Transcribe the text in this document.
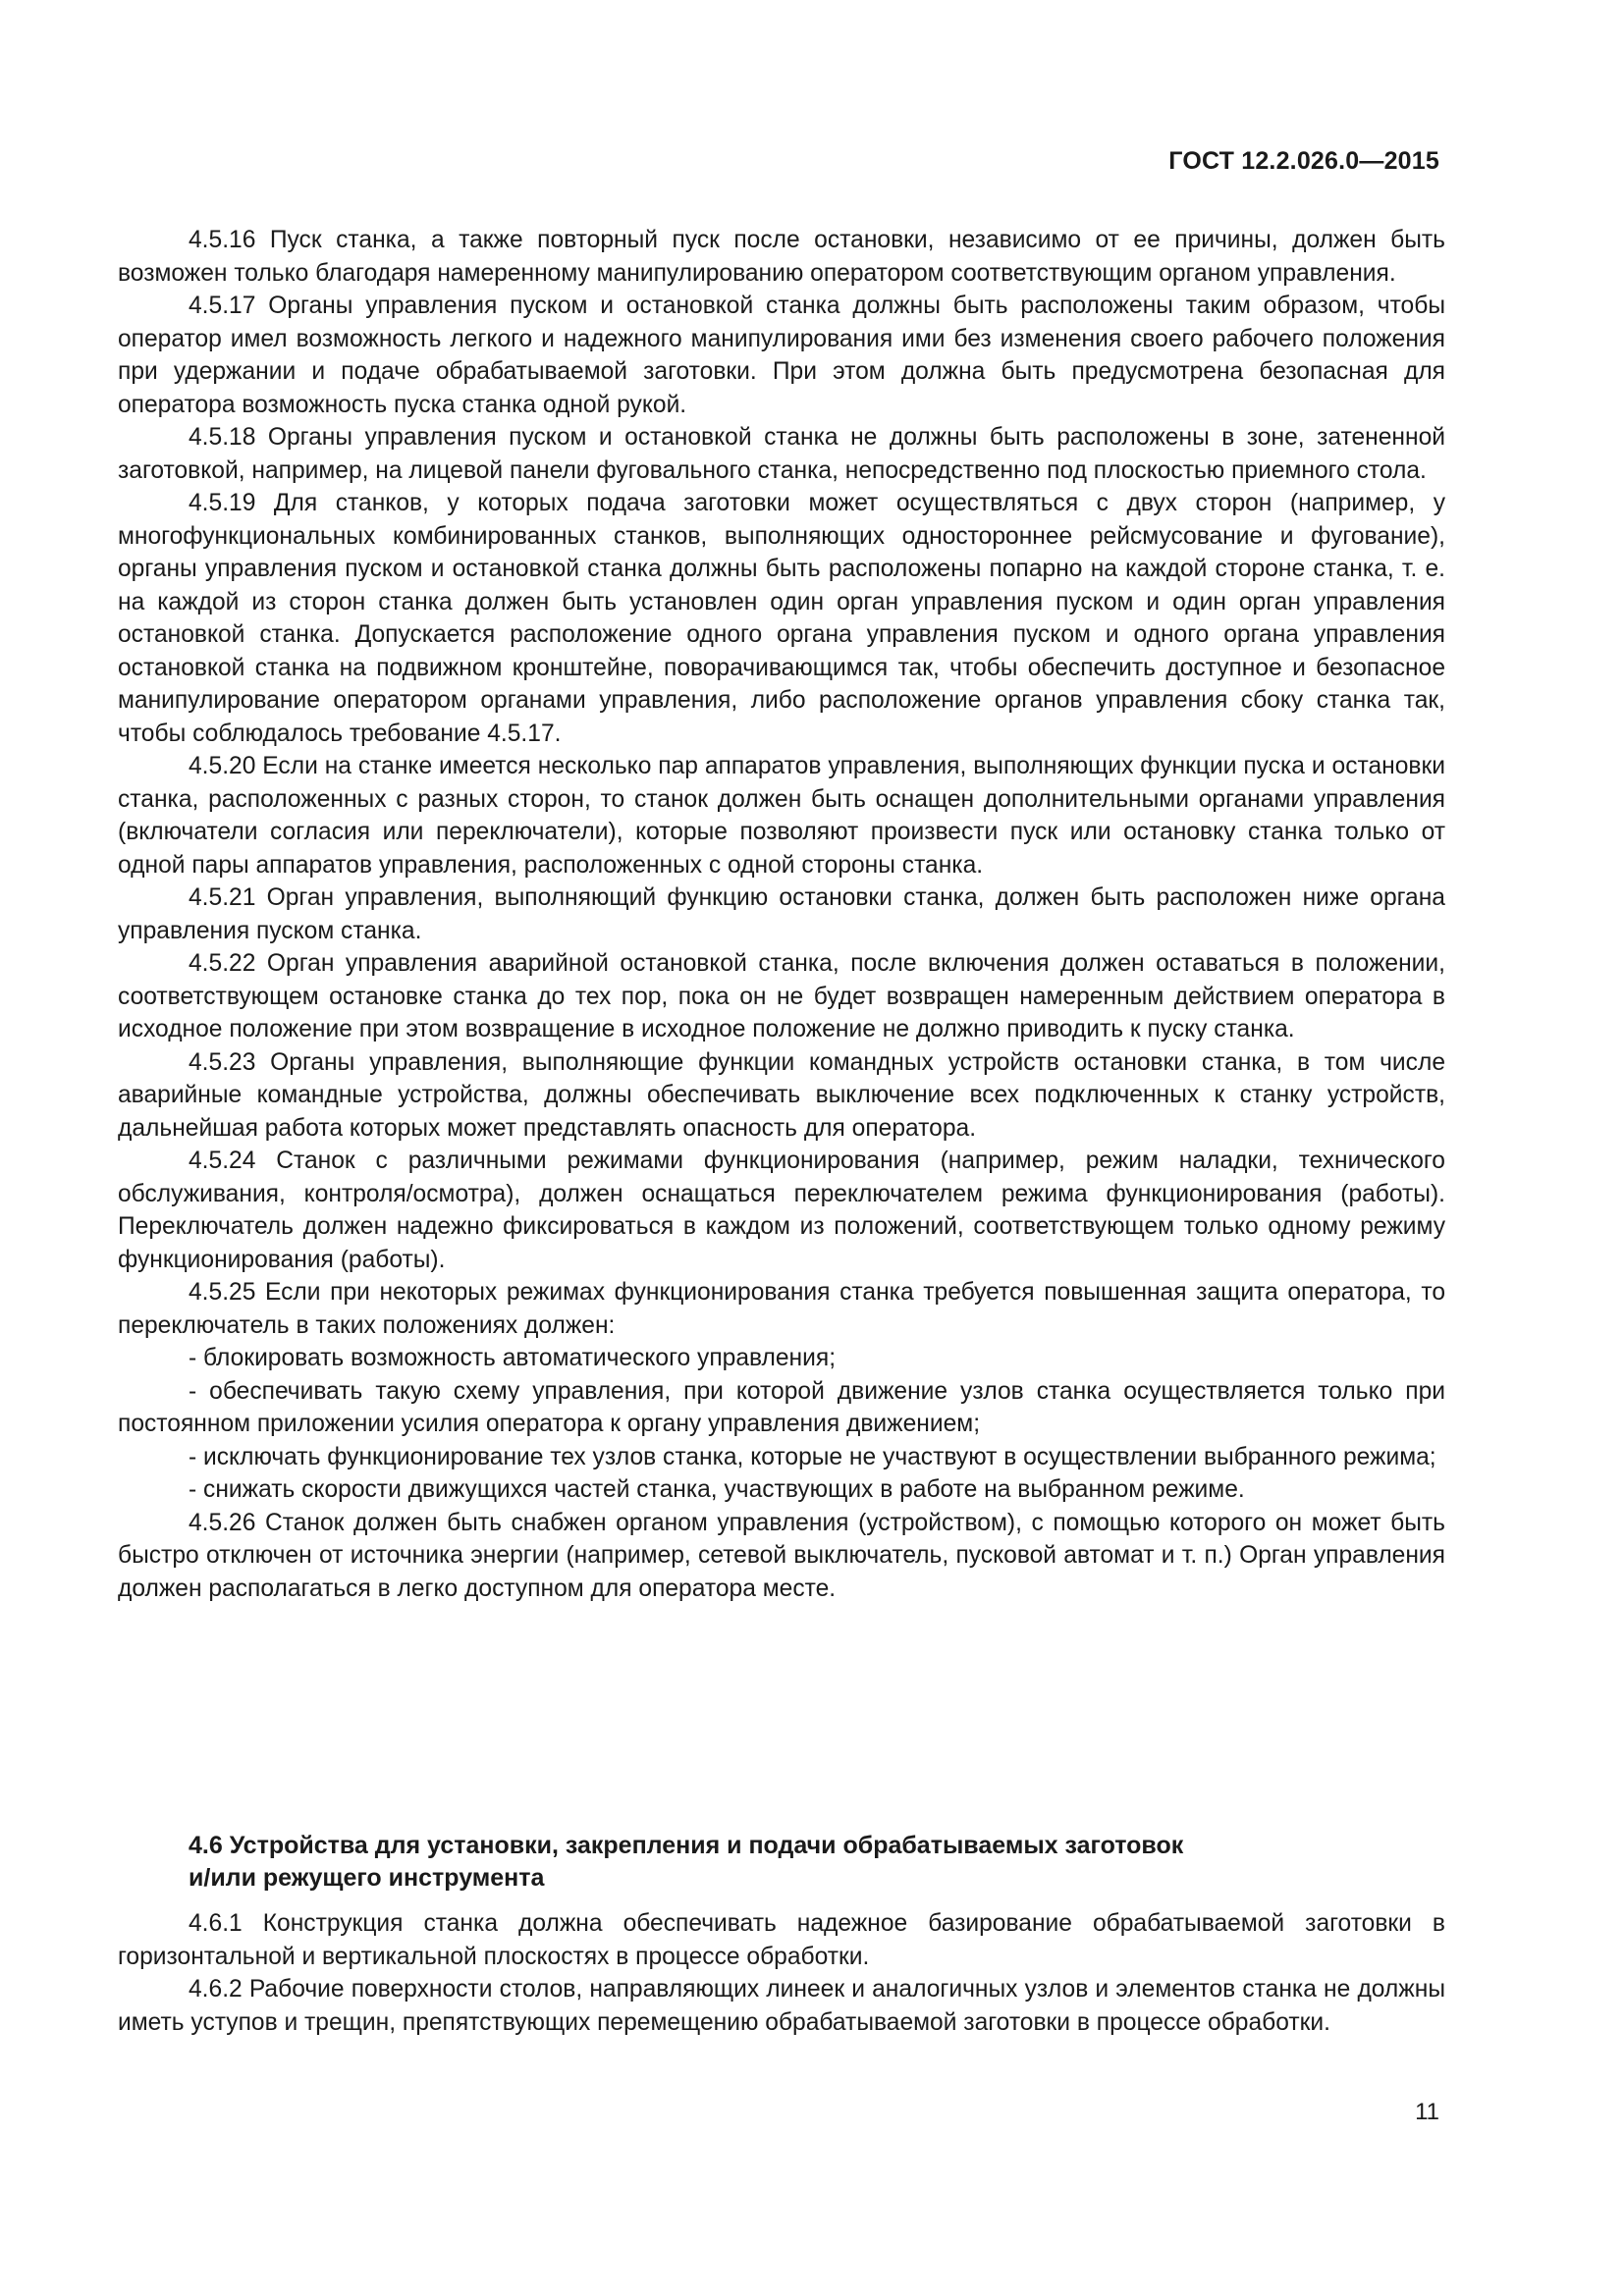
ГОСТ 12.2.026.0—2015

4.5.16 Пуск станка, а также повторный пуск после остановки, независимо от ее причины, должен быть возможен только благодаря намеренному манипулированию оператором соответствующим органом управления.

4.5.17 Органы управления пуском и остановкой станка должны быть расположены таким образом, чтобы оператор имел возможность легкого и надежного манипулирования ими без изменения своего рабочего положения при удержании и подаче обрабатываемой заготовки. При этом должна быть предусмотрена безопасная для оператора возможность пуска станка одной рукой.

4.5.18 Органы управления пуском и остановкой станка не должны быть расположены в зоне, затененной заготовкой, например, на лицевой панели фуговального станка, непосредственно под плоскостью приемного стола.

4.5.19 Для станков, у которых подача заготовки может осуществляться с двух сторон (например, у многофункциональных комбинированных станков, выполняющих одностороннее рейсмусование и фугование), органы управления пуском и остановкой станка должны быть расположены попарно на каждой стороне станка, т. е. на каждой из сторон станка должен быть установлен один орган управления пуском и один орган управления остановкой станка. Допускается расположение одного органа управления пуском и одного органа управления остановкой станка на подвижном кронштейне, поворачивающимся так, чтобы обеспечить доступное и безопасное манипулирование оператором органами управления, либо расположение органов управления сбоку станка так, чтобы соблюдалось требование 4.5.17.

4.5.20 Если на станке имеется несколько пар аппаратов управления, выполняющих функции пуска и остановки станка, расположенных с разных сторон, то станок должен быть оснащен дополнительными органами управления (включатели согласия или переключатели), которые позволяют произвести пуск или остановку станка только от одной пары аппаратов управления, расположенных с одной стороны станка.

4.5.21 Орган управления, выполняющий функцию остановки станка, должен быть расположен ниже органа управления пуском станка.

4.5.22 Орган управления аварийной остановкой станка, после включения должен оставаться в положении, соответствующем остановке станка до тех пор, пока он не будет возвращен намеренным действием оператора в исходное положение при этом возвращение в исходное положение не должно приводить к пуску станка.

4.5.23 Органы управления, выполняющие функции командных устройств остановки станка, в том числе аварийные командные устройства, должны обеспечивать выключение всех подключенных к станку устройств, дальнейшая работа которых может представлять опасность для оператора.

4.5.24 Станок с различными режимами функционирования (например, режим наладки, технического обслуживания, контроля/осмотра), должен оснащаться переключателем режима функционирования (работы). Переключатель должен надежно фиксироваться в каждом из положений, соответствующем только одному режиму функционирования (работы).

4.5.25 Если при некоторых режимах функционирования станка требуется повышенная защита оператора, то переключатель в таких положениях должен:

- блокировать возможность автоматического управления;

- обеспечивать такую схему управления, при которой движение узлов станка осуществляется только при постоянном приложении усилия оператора к органу управления движением;

- исключать функционирование тех узлов станка, которые не участвуют в осуществлении выбранного режима;

- снижать скорости движущихся частей станка, участвующих в работе на выбранном режиме.

4.5.26 Станок должен быть снабжен органом управления (устройством), с помощью которого он может быть быстро отключен от источника энергии (например, сетевой выключатель, пусковой автомат и т. п.) Орган управления должен располагаться в легко доступном для оператора месте.

4.6 Устройства для установки, закрепления и подачи обрабатываемых заготовок
и/или режущего инструмента

4.6.1 Конструкция станка должна обеспечивать надежное базирование обрабатываемой заготовки в горизонтальной и вертикальной плоскостях в процессе обработки.

4.6.2 Рабочие поверхности столов, направляющих линеек и аналогичных узлов и элементов станка не должны иметь уступов и трещин, препятствующих перемещению обрабатываемой заготовки в процессе обработки.

11
